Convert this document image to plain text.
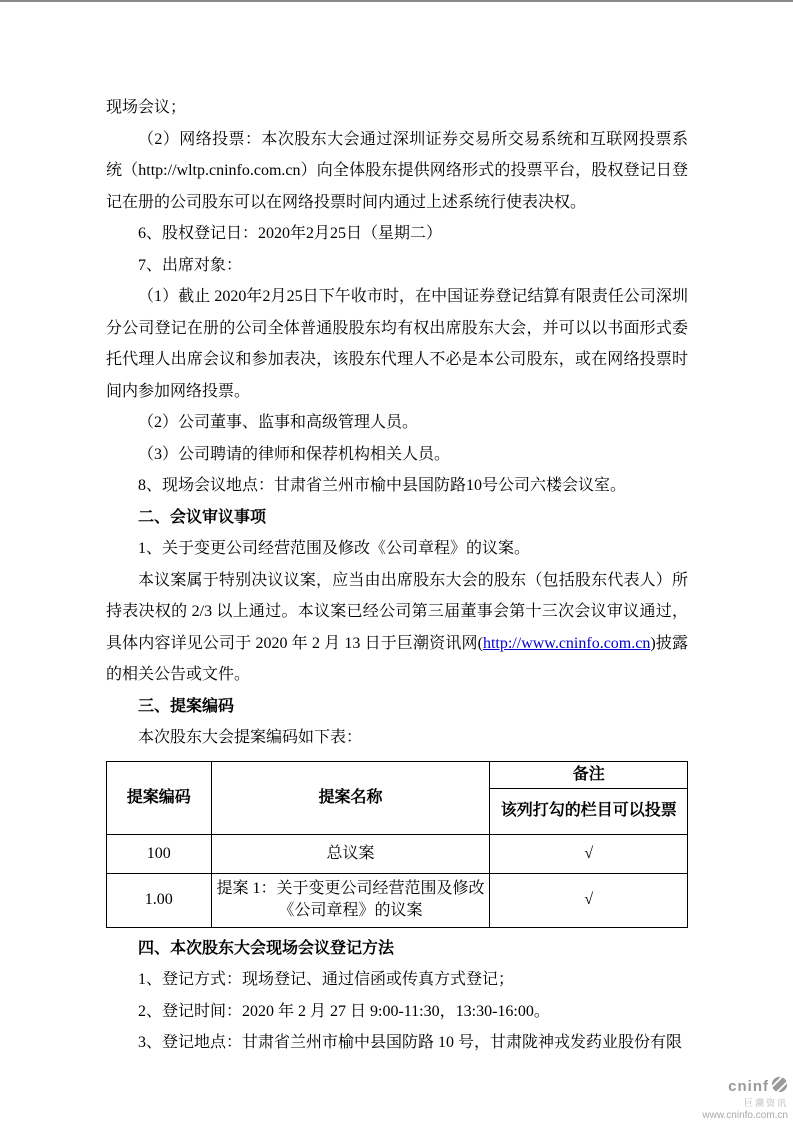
现场会议；

（2）网络投票：本次股东大会通过深圳证券交易所交易系统和互联网投票系统（http://wltp.cninfo.com.cn）向全体股东提供网络形式的投票平台，股权登记日登记在册的公司股东可以在网络投票时间内通过上述系统行使表决权。

6、股权登记日：2020年2月25日（星期二）

7、出席对象：

（1）截止 2020年2月25日下午收市时，在中国证券登记结算有限责任公司深圳分公司登记在册的公司全体普通股股东均有权出席股东大会，并可以以书面形式委托代理人出席会议和参加表决，该股东代理人不必是本公司股东，或在网络投票时间内参加网络投票。

（2）公司董事、监事和高级管理人员。

（3）公司聘请的律师和保荐机构相关人员。

8、现场会议地点：甘肃省兰州市榆中县国防路10号公司六楼会议室。

二、会议审议事项

1、关于变更公司经营范围及修改《公司章程》的议案。

本议案属于特别决议议案，应当由出席股东大会的股东（包括股东代表人）所持表决权的 2/3 以上通过。本议案已经公司第三届董事会第十三次会议审议通过，具体内容详见公司于 2020 年 2 月 13 日于巨潮资讯网(http://www.cninfo.com.cn)披露的相关公告或文件。

三、提案编码

本次股东大会提案编码如下表：

提案编码	提案名称	备注
		该列打勾的栏目可以投票
100	总议案	√
1.00	提案 1：关于变更公司经营范围及修改《公司章程》的议案	√
四、本次股东大会现场会议登记方法

1、登记方式：现场登记、通过信函或传真方式登记；

2、登记时间：2020 年 2 月 27 日 9:00-11:30，13:30-16:00。

3、登记地点：甘肃省兰州市榆中县国防路 10 号，甘肃陇神戎发药业股份有限

cninf
巨潮资讯
www.cninfo.com.cn
